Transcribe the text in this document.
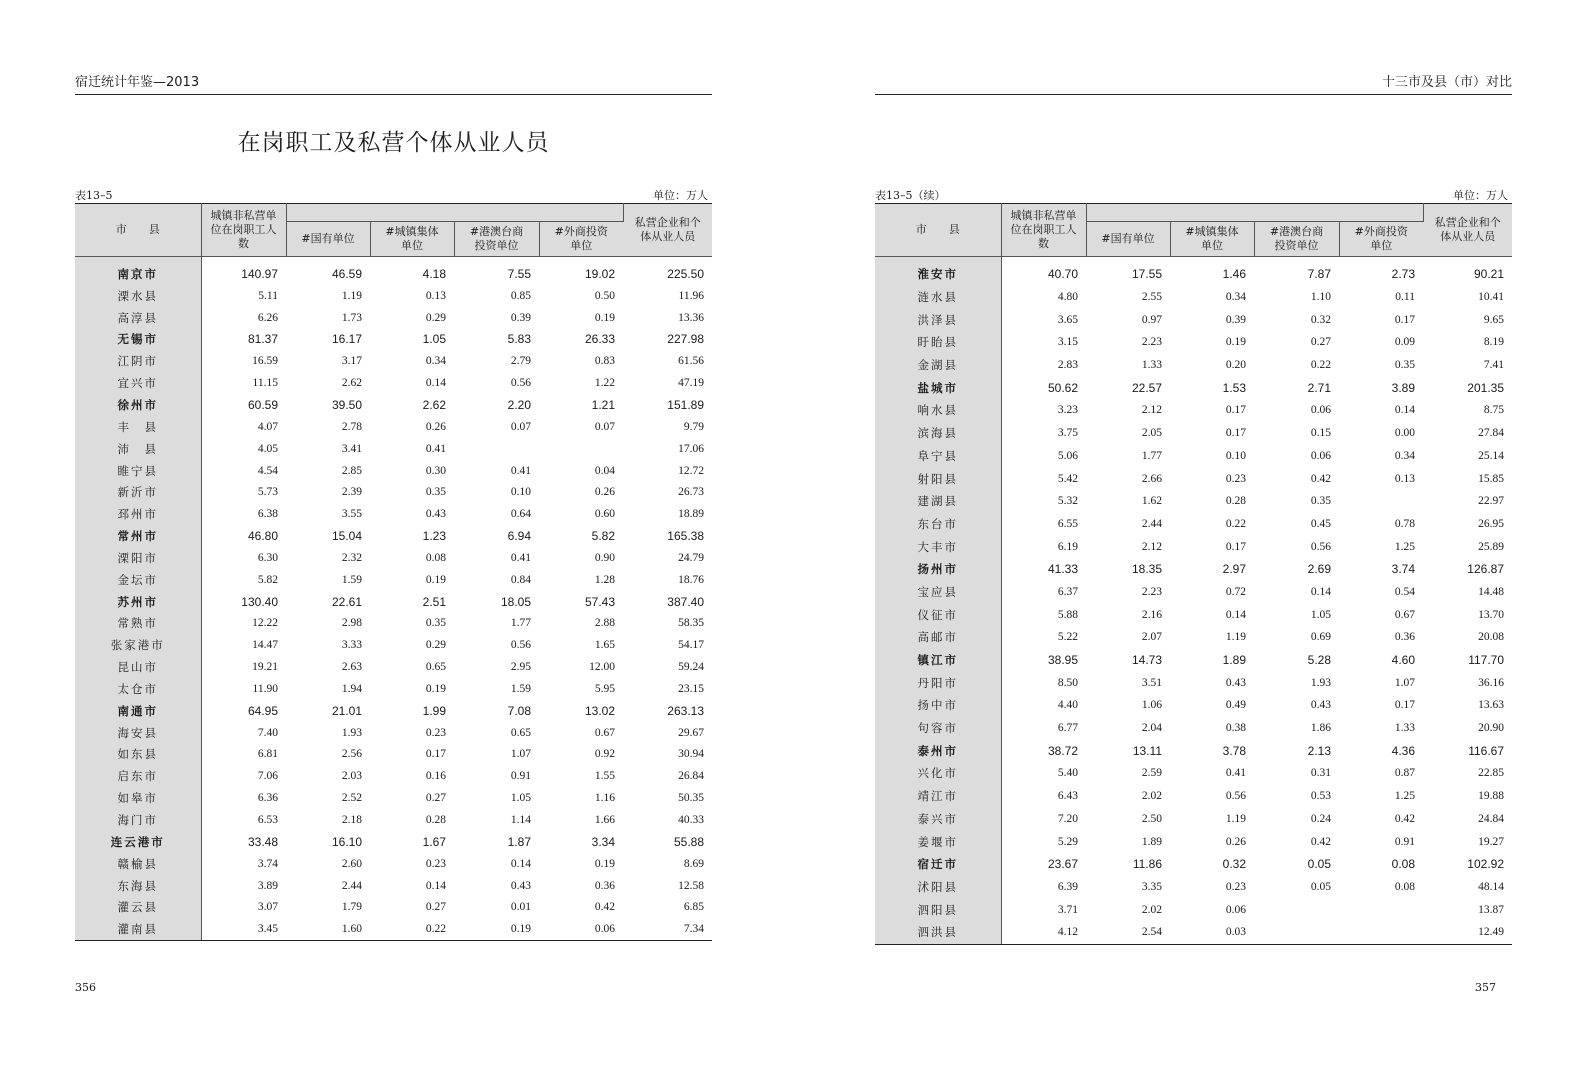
宿迁统计年鉴—2013
在岗职工及私营个体从业人员
表13–5	单位：万人
市　　县	城镇非私营单位在岗职工人数					私营企业和个体从业人员
		#国有单位	#城镇集体单位	#港澳台商投资单位	#外商投资单位	
南京市	140.97	46.59	4.18	7.55	19.02	225.50
溧水县	5.11	1.19	0.13	0.85	0.50	11.96
高淳县	6.26	1.73	0.29	0.39	0.19	13.36
无锡市	81.37	16.17	1.05	5.83	26.33	227.98
江阴市	16.59	3.17	0.34	2.79	0.83	61.56
宜兴市	11.15	2.62	0.14	0.56	1.22	47.19
徐州市	60.59	39.50	2.62	2.20	1.21	151.89
丰　县	4.07	2.78	0.26	0.07	0.07	9.79
沛　县	4.05	3.41	0.41			17.06
睢宁县	4.54	2.85	0.30	0.41	0.04	12.72
新沂市	5.73	2.39	0.35	0.10	0.26	26.73
邳州市	6.38	3.55	0.43	0.64	0.60	18.89
常州市	46.80	15.04	1.23	6.94	5.82	165.38
溧阳市	6.30	2.32	0.08	0.41	0.90	24.79
金坛市	5.82	1.59	0.19	0.84	1.28	18.76
苏州市	130.40	22.61	2.51	18.05	57.43	387.40
常熟市	12.22	2.98	0.35	1.77	2.88	58.35
张家港市	14.47	3.33	0.29	0.56	1.65	54.17
昆山市	19.21	2.63	0.65	2.95	12.00	59.24
太仓市	11.90	1.94	0.19	1.59	5.95	23.15
南通市	64.95	21.01	1.99	7.08	13.02	263.13
海安县	7.40	1.93	0.23	0.65	0.67	29.67
如东县	6.81	2.56	0.17	1.07	0.92	30.94
启东市	7.06	2.03	0.16	0.91	1.55	26.84
如皋市	6.36	2.52	0.27	1.05	1.16	50.35
海门市	6.53	2.18	0.28	1.14	1.66	40.33
连云港市	33.48	16.10	1.67	1.87	3.34	55.88
赣榆县	3.74	2.60	0.23	0.14	0.19	8.69
东海县	3.89	2.44	0.14	0.43	0.36	12.58
灌云县	3.07	1.79	0.27	0.01	0.42	6.85
灌南县	3.45	1.60	0.22	0.19	0.06	7.34
356
十三市及县（市）对比
表13–5（续）	单位：万人
市　　县	城镇非私营单位在岗职工人数					私营企业和个体从业人员
		#国有单位	#城镇集体单位	#港澳台商投资单位	#外商投资单位	
淮安市	40.70	17.55	1.46	7.87	2.73	90.21
涟水县	4.80	2.55	0.34	1.10	0.11	10.41
洪泽县	3.65	0.97	0.39	0.32	0.17	9.65
盱眙县	3.15	2.23	0.19	0.27	0.09	8.19
金湖县	2.83	1.33	0.20	0.22	0.35	7.41
盐城市	50.62	22.57	1.53	2.71	3.89	201.35
响水县	3.23	2.12	0.17	0.06	0.14	8.75
滨海县	3.75	2.05	0.17	0.15	0.00	27.84
阜宁县	5.06	1.77	0.10	0.06	0.34	25.14
射阳县	5.42	2.66	0.23	0.42	0.13	15.85
建湖县	5.32	1.62	0.28	0.35		22.97
东台市	6.55	2.44	0.22	0.45	0.78	26.95
大丰市	6.19	2.12	0.17	0.56	1.25	25.89
扬州市	41.33	18.35	2.97	2.69	3.74	126.87
宝应县	6.37	2.23	0.72	0.14	0.54	14.48
仪征市	5.88	2.16	0.14	1.05	0.67	13.70
高邮市	5.22	2.07	1.19	0.69	0.36	20.08
镇江市	38.95	14.73	1.89	5.28	4.60	117.70
丹阳市	8.50	3.51	0.43	1.93	1.07	36.16
扬中市	4.40	1.06	0.49	0.43	0.17	13.63
句容市	6.77	2.04	0.38	1.86	1.33	20.90
泰州市	38.72	13.11	3.78	2.13	4.36	116.67
兴化市	5.40	2.59	0.41	0.31	0.87	22.85
靖江市	6.43	2.02	0.56	0.53	1.25	19.88
泰兴市	7.20	2.50	1.19	0.24	0.42	24.84
姜堰市	5.29	1.89	0.26	0.42	0.91	19.27
宿迁市	23.67	11.86	0.32	0.05	0.08	102.92
沭阳县	6.39	3.35	0.23	0.05	0.08	48.14
泗阳县	3.71	2.02	0.06			13.87
泗洪县	4.12	2.54	0.03			12.49
357
